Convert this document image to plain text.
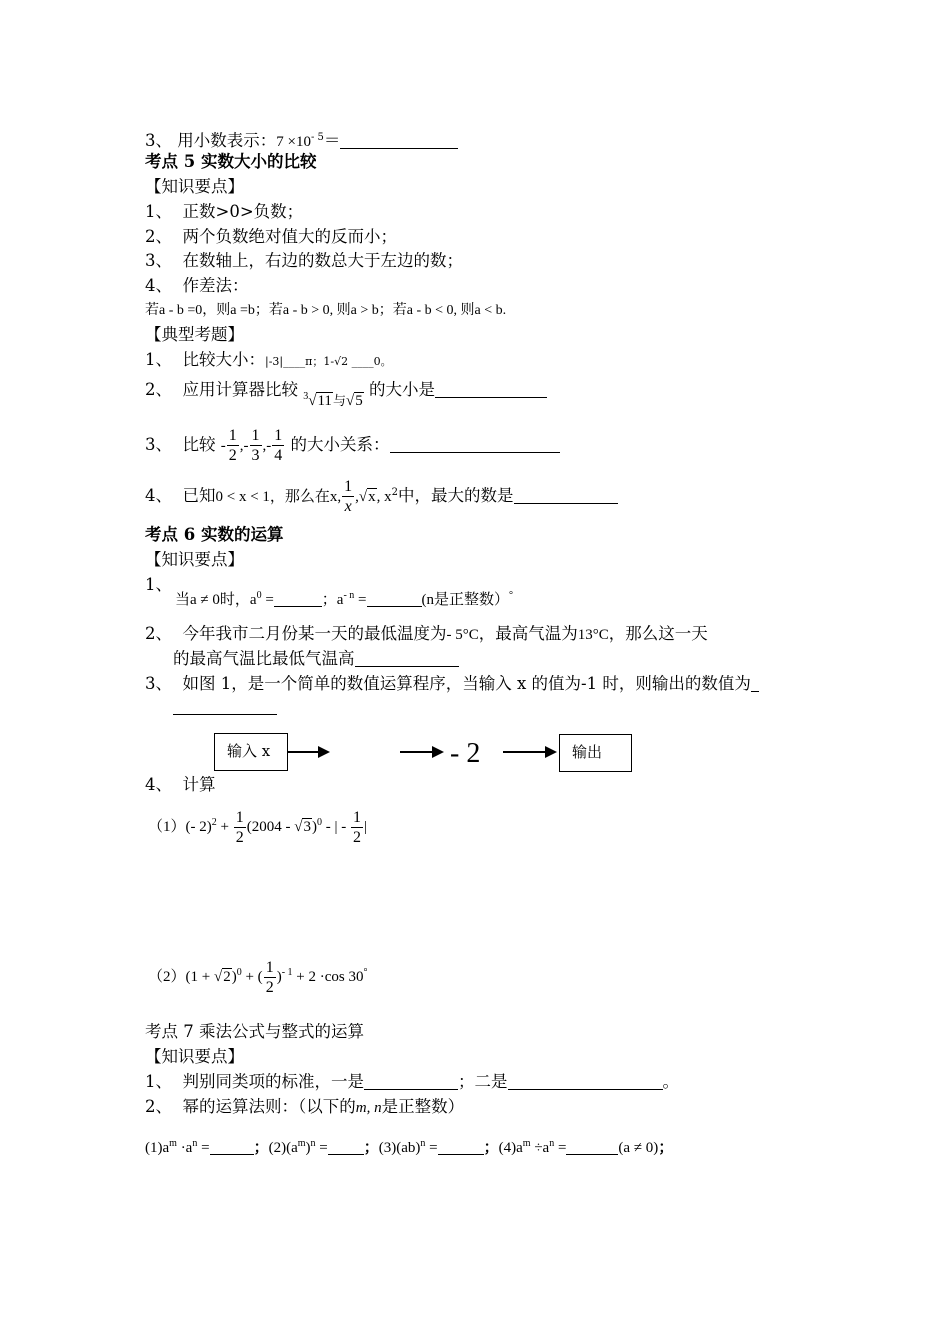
3、 用小数表示：$7 \times 10^{- 5}=$
考点 5 实数大小的比较
【知识要点】
1、 正数>0>负数；
2、 两个负数绝对值大的反而小；
3、 在数轴上，右边的数总大于左边的数；
4、 作差法：
若a - b =0，则a =b；若a - b > 0, 则a > b；若a - b < 0, 则a < b.
【典型考题】
1、 比较大小：|-3|____π；1-√2 ____0。
2、 应用计算器比较 $^3$√11与√5 的大小是
3、 比较 - $\frac{1}{2}$ ,- $\frac{1}{3}$ ,- $\frac{1}{4}$ 的大小关系：
4、 已知0 < x < 1，那么在x, $\frac{1}{x} ,√x$, $x^2$中，最大的数是
考点 6 实数的运算
【知识要点】
1、
当a ≠ 0时，$a^0$ =	；$a^{- n}$ =	(n是正整数）°
2、 今年我市二月份某一天的最低温度为- 5°C，最高气温为13°C，那么这一天
的最高气温比最低气温高
3、 如图 1，是一个简单的数值运算程序，当输入 x 的值为-1 时，则输出的数值为
输入 x	- 2	输出
4、 计算
（1）(- $2)^2 + \frac{1}{2} (2004 - √3)^0$ - | - $\frac{1}{2}$ |
$(2)(1 + √2)^0$ + ( $\frac{1}{2} )^{- 1} + 2 \cdot\cos$ 30°
考点 7 乘法公式与整式的运算
【知识要点】
1、 判别同类项的标准，一是	；二是	。
2、 幂的运算法则：（以下的m, n是正整数）
$(1)a^m \cdot a^n$ =	；$(2)(a^m)^n$ = ；(3)(ab)$^n$ =	；$(4)a^m \div a^n$ =	(a ≠ 0)；
